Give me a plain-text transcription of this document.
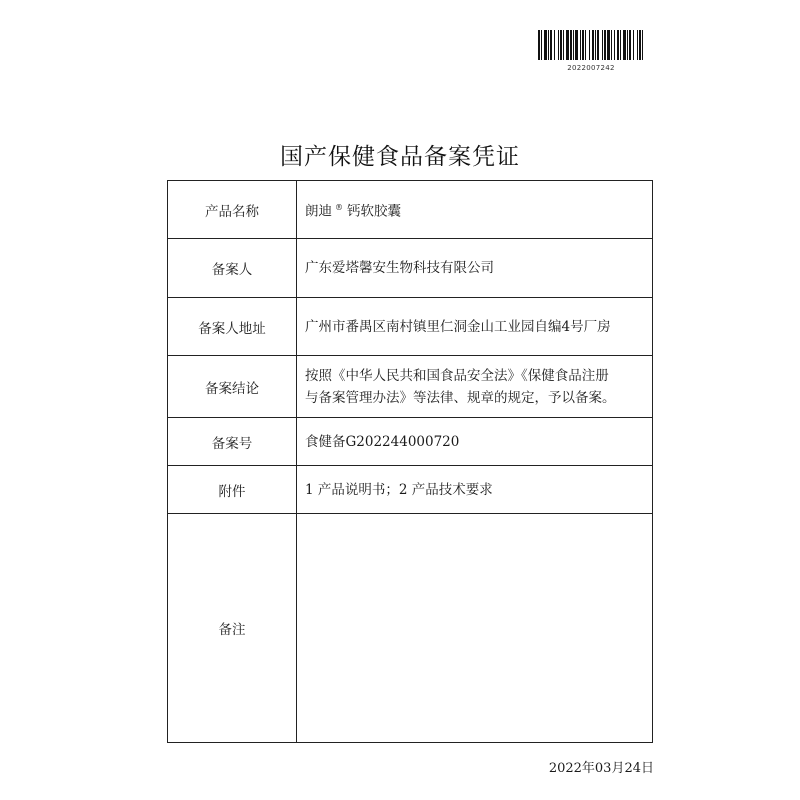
2022007242
国产保健食品备案凭证
产品名称	朗迪 ® 钙软胶囊
备案人	广东爱塔馨安生物科技有限公司
备案人地址	广州市番禺区南村镇里仁洞金山工业园自编4号厂房
备案结论	按照《中华人民共和国食品安全法》《保健食品注册
与备案管理办法》等法律、规章的规定，予以备案。

备案号	食健备G202244000720
附件	1 产品说明书；2 产品技术要求
备注	
2022年03月24日
